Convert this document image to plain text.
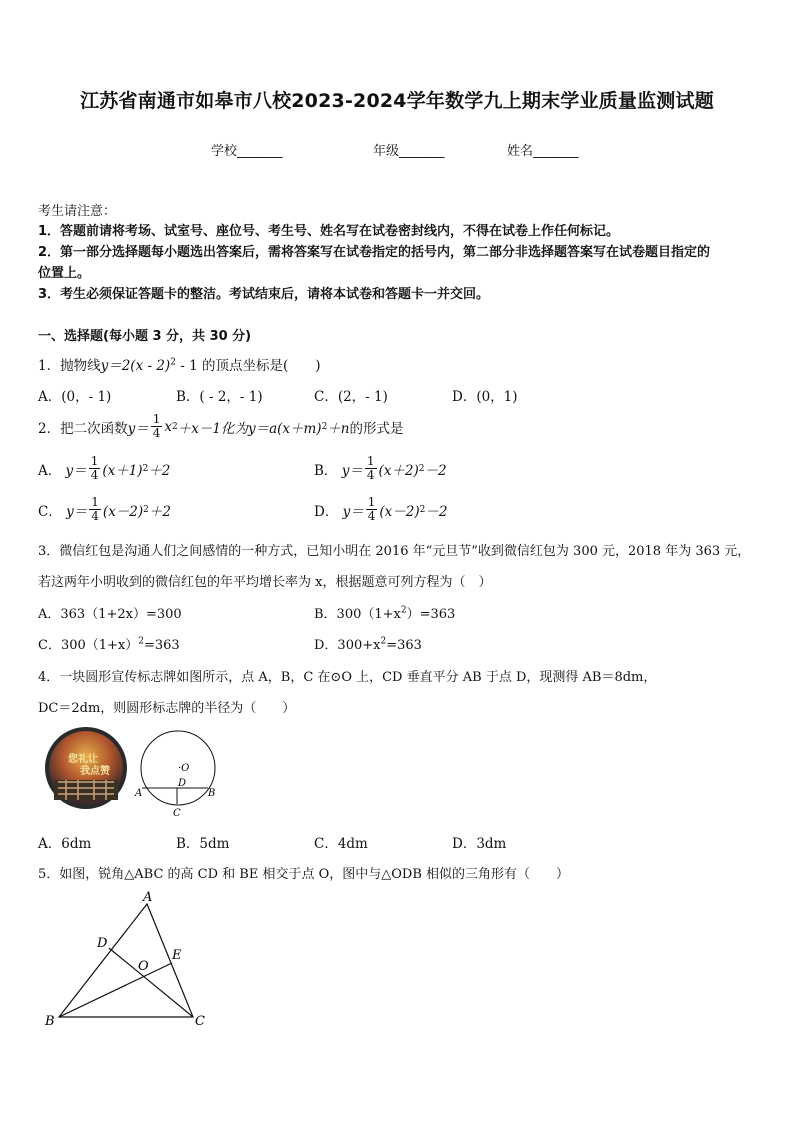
江苏省南通市如皋市八校2023-2024学年数学九上期末学业质量监测试题
学校_______	年级_______	姓名_______
考生请注意：
1．答题前请将考场、试室号、座位号、考生号、姓名写在试卷密封线内，不得在试卷上作任何标记。
2．第一部分选择题每小题选出答案后，需将答案写在试卷指定的括号内，第二部分非选择题答案写在试卷题目指定的
位置上。
3．考生必须保证答题卡的整洁。考试结束后，请将本试卷和答题卡一并交回。
一、选择题(每小题 3 分，共 30 分)
1．抛物线y＝2(x - 2)$^2$ - 1 的顶点坐标是(　　)
A．(0，- 1)	B．( - 2，- 1)	C．(2，- 1)	D．(0，1)
2．把二次函数 $y= \frac{1}{4}$ x 2 ＋x－1化为 y＝a(x＋m) 2 ＋n 的形式是
A．
$y= \frac{1}{4} (x+1)$ 2 ＋2	B．
$y= \frac{1}{4} (x+2)$ 2 －2
C．
$y= \frac{1}{4} (x-2)$ 2 ＋2	D．
$y= \frac{1}{4} (x-2)$ 2 －2
3．微信红包是沟通人们之间感情的一种方式，已知小明在 2016 年“元旦节”收到微信红包为 300 元，2018 年为 363 元，
若这两年小明收到的微信红包的年平均增长率为 x，根据题意可列方程为（　）
A．363（1+2x）=300	B．$300(1+x^2)=363$
C．$300(1+x)^2=363$	D．$300+x^2=363$
4．一块圆形宣传标志牌如图所示，点 A，B，C 在⊙O 上，CD 垂直平分 AB 于点 D，现测得 AB＝8dm，
DC＝2dm，则圆形标志牌的半径为（　　）
您礼让
我点赞	·O
D
A	B
C
A．6dm	B．5dm	C．4dm	D．3dm
5．如图，锐角△ABC 的高 CD 和 BE 相交于点 O，图中与△ODB 相似的三角形有（　　）
A
B	C
D
E
O
